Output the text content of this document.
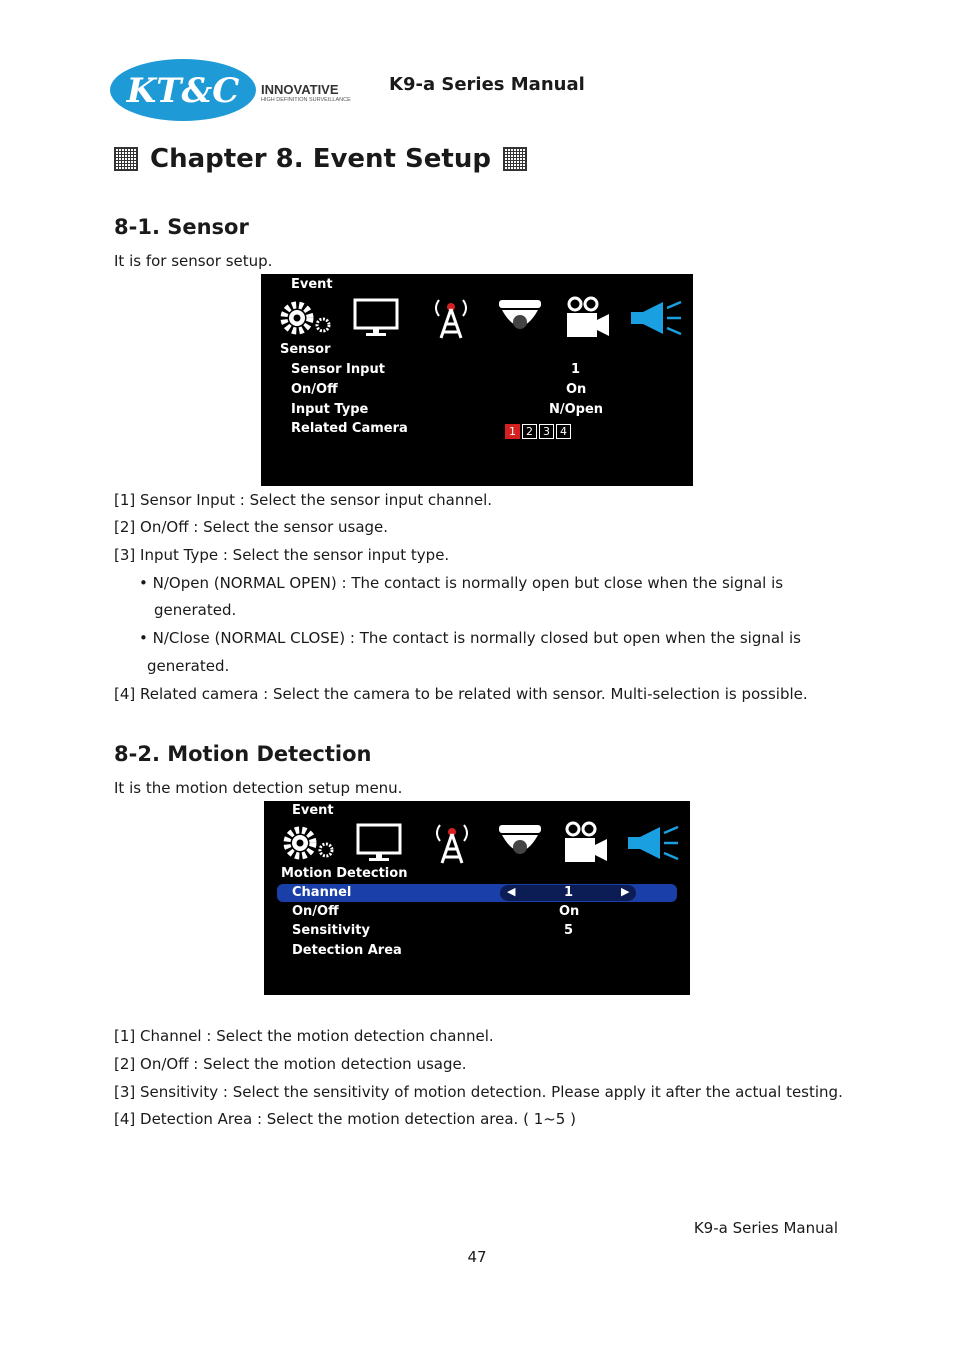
KT&C INNOVATIVE
HIGH DEFINITION SURVEILLANCE
K9-a Series Manual
Chapter 8. Event Setup
8-1. Sensor

It is for sensor setup.

Event
Sensor
Sensor Input	1
On/Off	On
Input Type	N/Open
Related Camera	1 2 3 4

[1] Sensor Input : Select the sensor input channel.

[2] On/Off : Select the sensor usage.

[3] Input Type : Select the sensor input type.

• N/Open (NORMAL OPEN) : The contact is normally open but close when the signal is

generated.

• N/Close (NORMAL CLOSE) : The contact is normally closed but open when the signal is

generated.

[4] Related camera : Select the camera to be related with sensor. Multi-selection is possible.

8-2. Motion Detection

It is the motion detection setup menu.

Event
Motion Detection
◀	▶
Channel	1
On/Off	On
Sensitivity	5
Detection Area

[1] Channel : Select the motion detection channel.

[2] On/Off : Select the motion detection usage.

[3] Sensitivity : Select the sensitivity of motion detection. Please apply it after the actual testing.

[4] Detection Area : Select the motion detection area. ( 1~5 )

K9-a Series Manual
47
